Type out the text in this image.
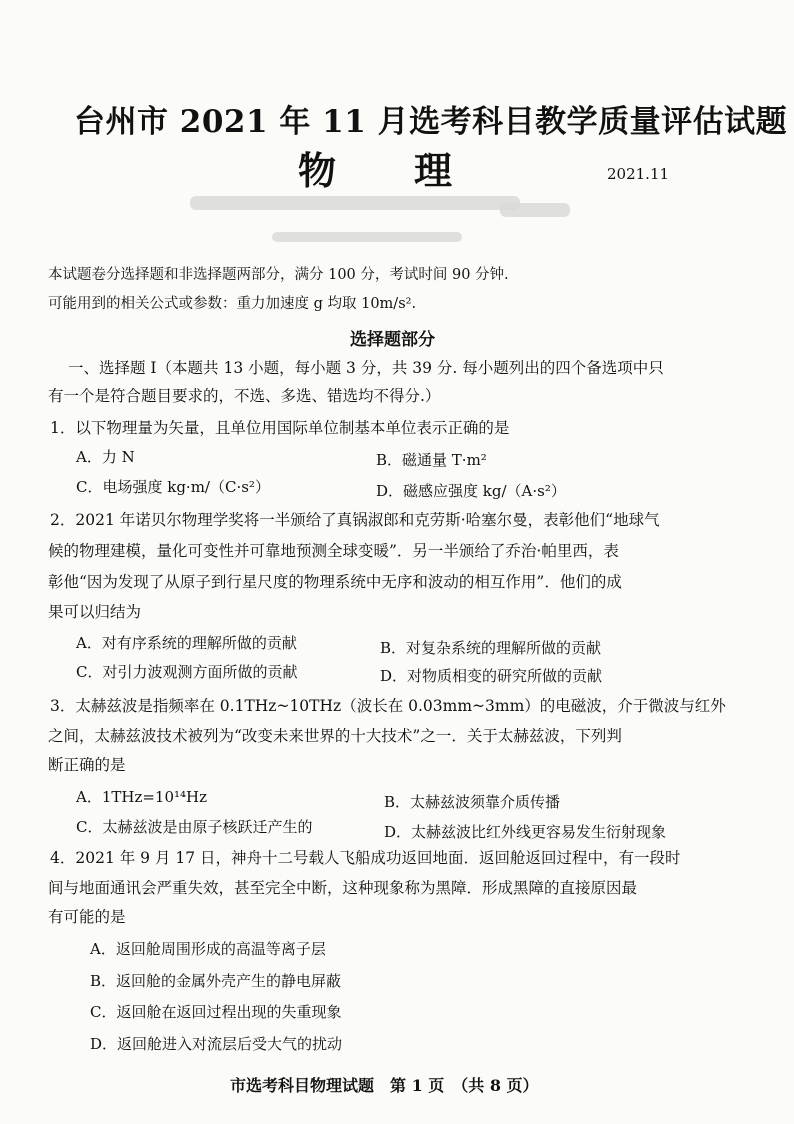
台州市 2021 年 11 月选考科目教学质量评估试题
物 理	2021.11
本试题卷分选择题和非选择题两部分，满分 100 分，考试时间 90 分钟.
可能用到的相关公式或参数：重力加速度 g 均取 10m/s².
选择题部分
一、选择题 I（本题共 13 小题，每小题 3 分，共 39 分. 每小题列出的四个备选项中只
有一个是符合题目要求的，不选、多选、错选均不得分.）
1．以下物理量为矢量，且单位用国际单位制基本单位表示正确的是
A．力 N	B．磁通量 T·m²
C．电场强度 kg·m/（C·s²）	D．磁感应强度 kg/（A·s²）
2．2021 年诺贝尔物理学奖将一半颁给了真锅淑郎和克劳斯·哈塞尔曼，表彰他们“地球气
候的物理建模，量化可变性并可靠地预测全球变暖”．另一半颁给了乔治·帕里西，表
彰他“因为发现了从原子到行星尺度的物理系统中无序和波动的相互作用”．他们的成
果可以归结为
A．对有序系统的理解所做的贡献	B．对复杂系统的理解所做的贡献
C．对引力波观测方面所做的贡献	D．对物质相变的研究所做的贡献
3．太赫兹波是指频率在 0.1THz~10THz（波长在 0.03mm~3mm）的电磁波，介于微波与红外
之间，太赫兹波技术被列为“改变未来世界的十大技术”之一．关于太赫兹波，下列判
断正确的是
A．1THz=10¹⁴Hz	B．太赫兹波须靠介质传播
C．太赫兹波是由原子核跃迁产生的	D．太赫兹波比红外线更容易发生衍射现象
4．2021 年 9 月 17 日，神舟十二号载人飞船成功返回地面．返回舱返回过程中，有一段时
间与地面通讯会严重失效，甚至完全中断，这种现象称为黑障．形成黑障的直接原因最
有可能的是
A．返回舱周围形成的高温等离子层
B．返回舱的金属外壳产生的静电屏蔽
C．返回舱在返回过程出现的失重现象
D．返回舱进入对流层后受大气的扰动
市选考科目物理试题　第 1 页　（共 8 页）
